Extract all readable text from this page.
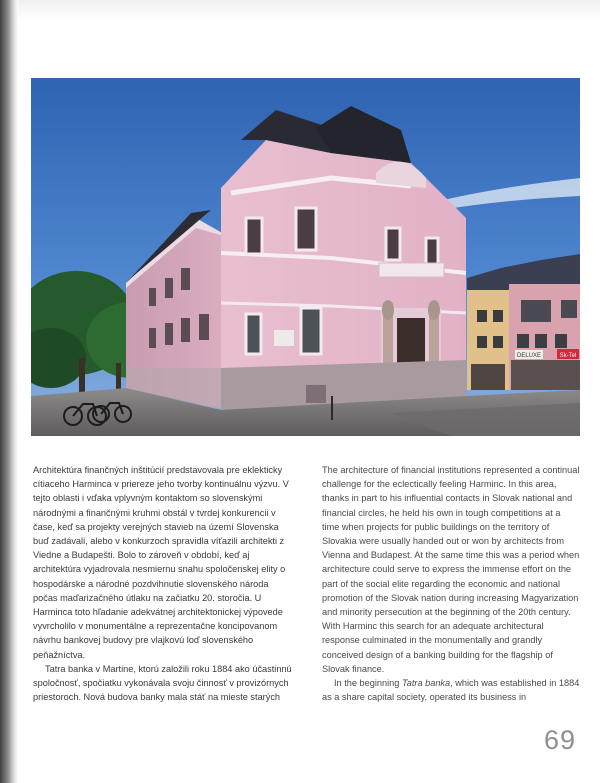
DELUXE	Sk-Tel

Architektúra finančných inštitúcií predstavovala pre eklekticky cítiaceho Harminca v priereze jeho tvorby kontinuálnu výzvu. V tejto oblasti i vďaka vplyvným kontaktom so slovenskými národnými a finančnými kruhmi obstál v tvrdej konkurencii v čase, keď sa projekty verejných stavieb na území Slovenska buď zadávali, alebo v konkurzoch spravidla víťazili architekti z Viedne a Budapešti. Bolo to zároveň v období, keď aj architektúra vyjadrovala nesmiernu snahu spoločenskej elity o hospodárske a národné pozdvihnutie slovenského národa počas maďarizačného útlaku na začiatku 20. storočia. U Harminca toto hľadanie adekvátnej architektonickej výpovede vyvrcholilo v monumentálne a reprezentačne koncipovanom návrhu bankovej budovy pre vlajkovú loď slovenského peňažníctva.

Tatra banka v Martine, ktorú založili roku 1884 ako účastinnú spoločnosť, spočiatku vykonávala svoju činnosť v provizórnych priestoroch. Nová budova banky mala stáť na mieste starých

The architecture of financial institutions represented a continual challenge for the eclectically feeling Harminc. In this area, thanks in part to his influential contacts in Slovak national and financial circles, he held his own in tough competitions at a time when projects for public buildings on the territory of Slovakia were usually handed out or won by architects from Vienna and Budapest. At the same time this was a period when architecture could serve to express the immense effort on the part of the social elite regarding the economic and national promotion of the Slovak nation during increasing Magyarization and minority persecution at the beginning of the 20th century. With Harminc this search for an adequate architectural response culminated in the monumentally and grandly conceived design of a banking building for the flagship of Slovak finance.

In the beginning Tatra banka, which was established in 1884 as a share capital society, operated its business in

69
